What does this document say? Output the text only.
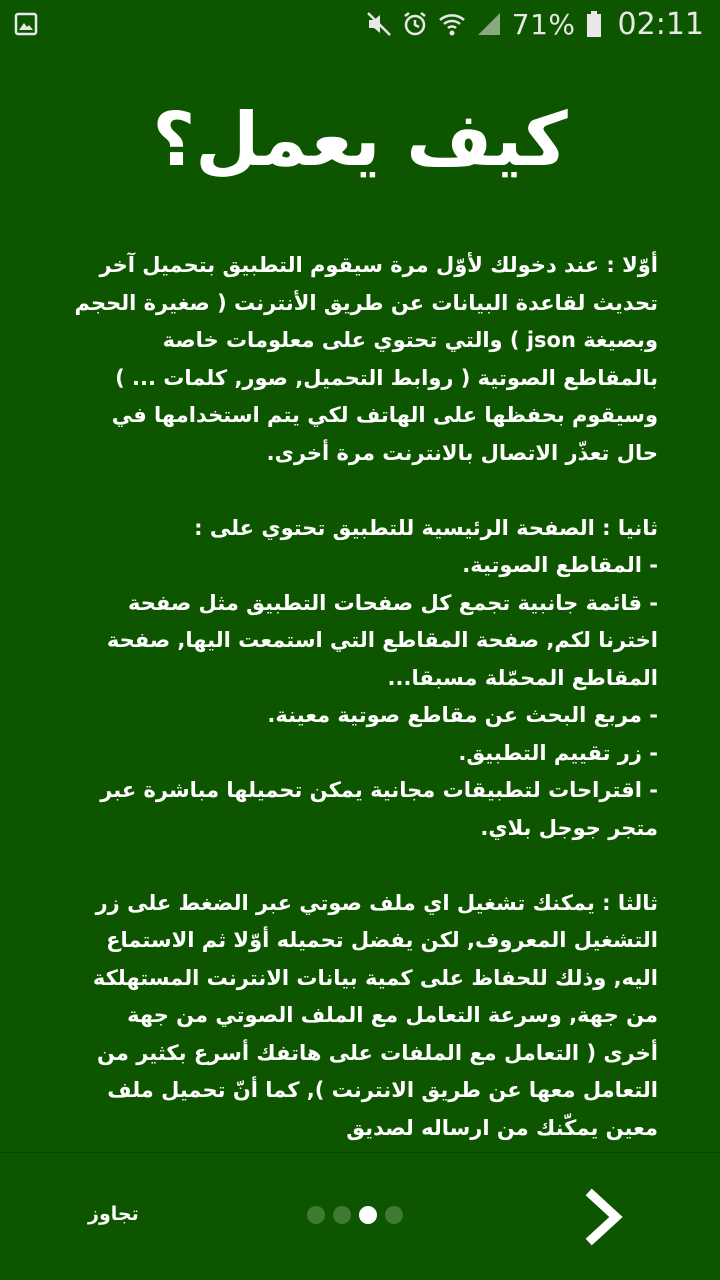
71% 02:11
كيف يعمل؟

أوّلا : عند دخولك لأوّل مرة سيقوم التطبيق بتحميل آخر تحديث لقاعدة البيانات عن طريق الأنترنت ( صغيرة الحجم وبصيغة json ) والتي تحتوي على معلومات خاصة بالمقاطع الصوتية ( روابط التحميل, صور, كلمات ... ) وسيقوم بحفظها على الهاتف لكي يتم استخدامها في حال تعذّر الاتصال بالانترنت مرة أخرى.

ثانيا : الصفحة الرئيسية للتطبيق تحتوي على :

- المقاطع الصوتية.

- قائمة جانبية تجمع كل صفحات التطبيق مثل صفحة اخترنا لكم, صفحة المقاطع التي استمعت اليها, صفحة المقاطع المحمّلة مسبقا...

- مربع البحث عن مقاطع صوتية معينة.

- زر تقييم التطبيق.

- اقتراحات لتطبيقات مجانية يمكن تحميلها مباشرة عبر متجر جوجل بلاي.

ثالثا : يمكنك تشغيل اي ملف صوتي عبر الضغط على زر التشغيل المعروف, لكن يفضل تحميله أوّلا ثم الاستماع اليه, وذلك للحفاظ على كمية بيانات الانترنت المستهلكة من جهة, وسرعة التعامل مع الملف الصوتي من جهة أخرى ( التعامل مع الملفات على هاتفك أسرع بكثير من التعامل معها عن طريق الانترنت ), كما أنّ تحميل ملف معين يمكّنك من ارساله لصديق

تجاوز
